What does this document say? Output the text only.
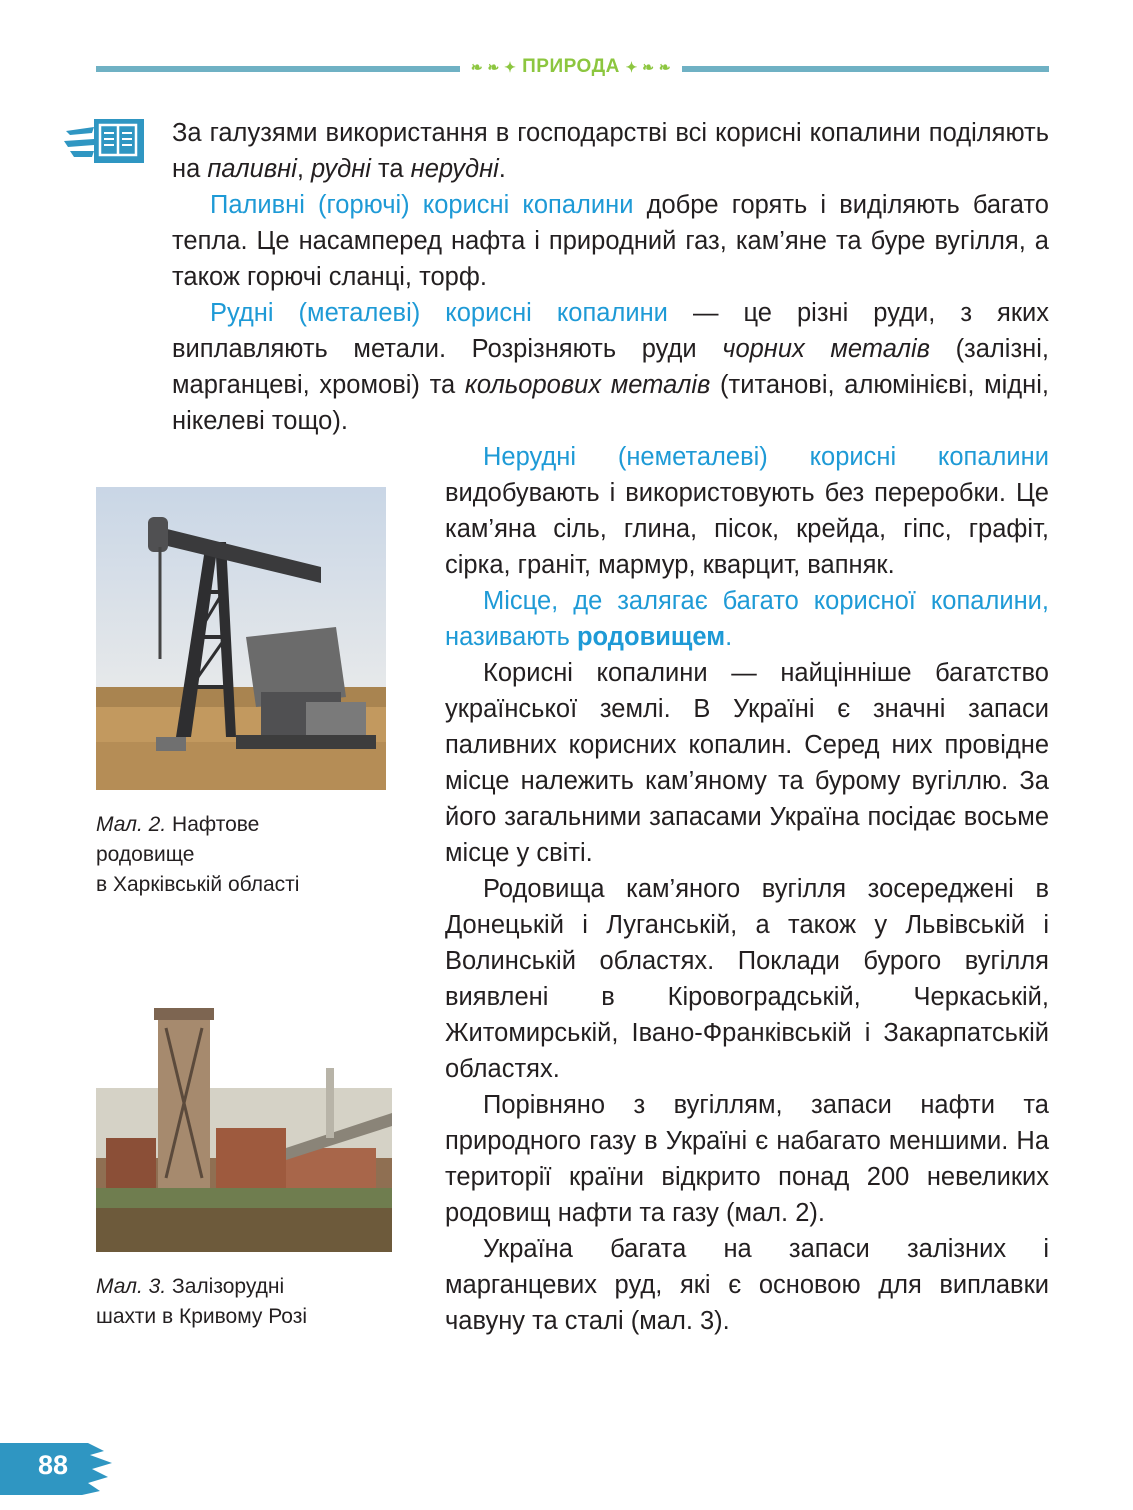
❧ ❧ ✦ ПРИРОДА ✦ ❧ ❧

За галузями використання в господарстві всі корисні копалини поділяють на паливні, рудні та нерудні.

Паливні (горючі) корисні копалини добре горять і виділяють багато тепла. Це насамперед нафта і природний газ, кам’яне та буре вугілля, а також горючі сланці, торф.

Рудні (металеві) корисні копалини — це різні руди, з яких виплавляють метали. Розрізняють руди чорних металів (залізні, марганцеві, хромові) та кольорових металів (титанові, алюмінієві, мідні, нікелеві тощо).

Нерудні (неметалеві) корисні копалини видобувають і використовують без переробки. Це кам’яна сіль, глина, пісок, крейда, гіпс, графіт, сірка, граніт, мармур, кварцит, вапняк.

Місце, де залягає багато корисної копалини, називають родовищем.

Корисні копалини — найцінніше багатство української землі. В Україні є значні запаси паливних корисних копалин. Серед них провідне місце належить кам’яному та бурому вугіллю. За його загальними запасами Україна посідає восьме місце у світі.

Родовища кам’яного вугілля зосереджені в Донецькій і Луганській, а також у Львівській і Волинській областях. Поклади бурого вугілля виявлені в Кіровоградській, Черкаській, Житомирській, Івано-Франківській і Закарпатській областях.

Порівняно з вугіллям, запаси нафти та природного газу в Україні є набагато меншими. На території країни відкрито понад 200 невеликих родовищ нафти та газу (мал. 2).

Україна багата на запаси залізних і марганцевих руд, які є основою для виплавки чавуну та сталі (мал. 3).

Мал. 2. Нафтове
родовище
в Харківській області
Мал. 3. Залізорудні
шахти в Кривому Розі
88
